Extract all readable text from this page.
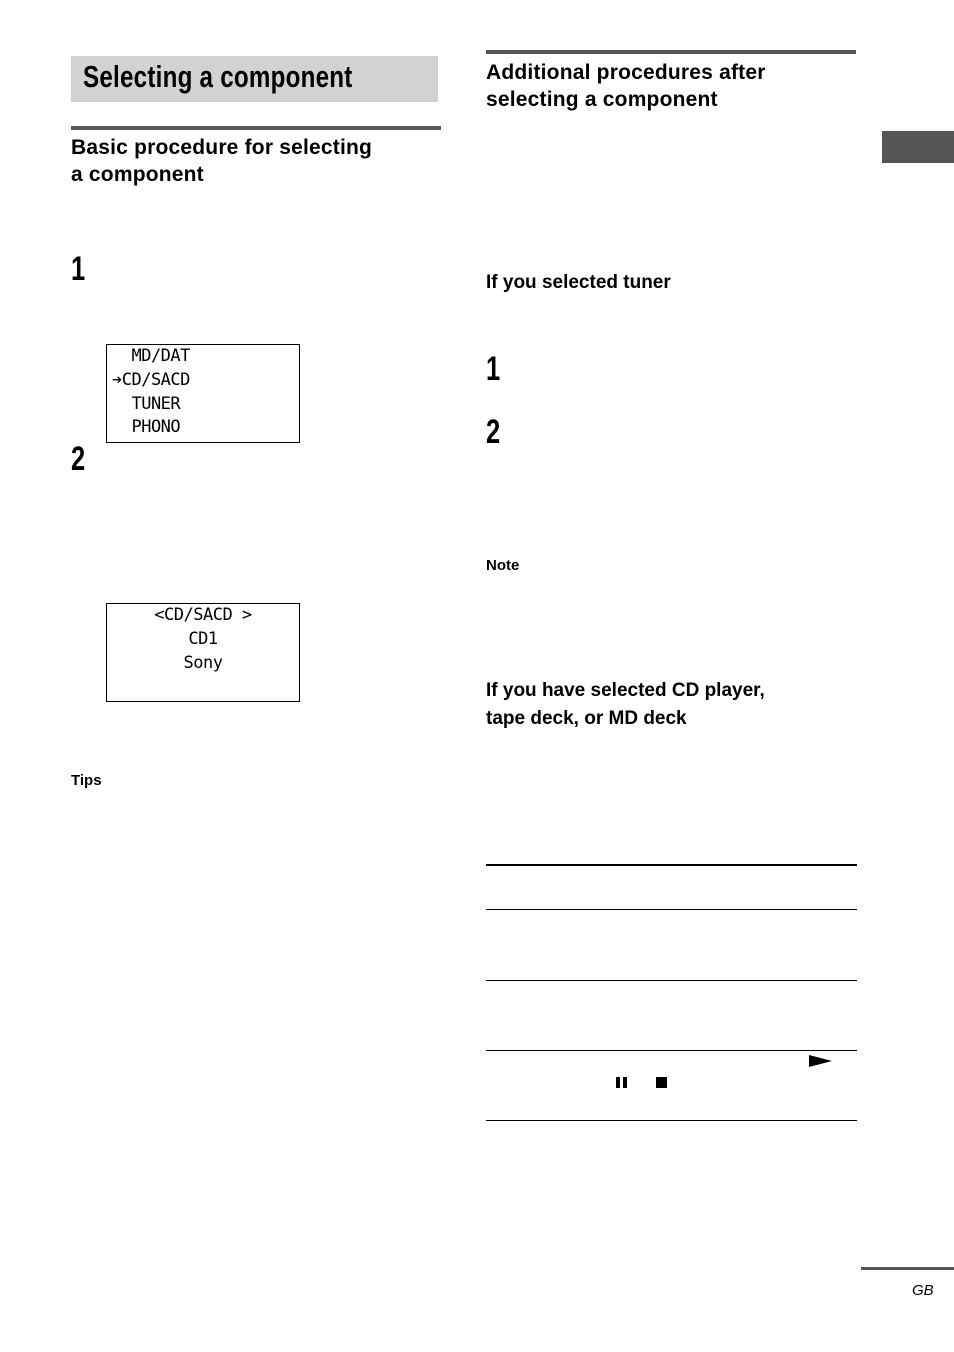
Selecting a component
Basic procedure for selecting
a component
1
MD/DAT
➔CD/SACD
TUNER
PHONO
2
<CD/SACD >
CD1
Sony
Tips
Additional procedures after
selecting a component
If you selected tuner
1
2
Note
If you have selected CD player,
tape deck, or MD deck
GB
